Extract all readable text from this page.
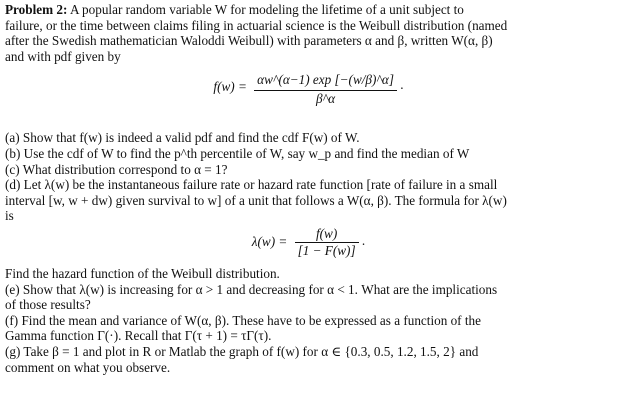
Problem 2: A popular random variable W for modeling the lifetime of a unit subject to

failure, or the time between claims filing in actuarial science is the Weibull distribution (named

after the Swedish mathematician Waloddi Weibull) with parameters α and β, written W(α, β)

and with pdf given by

$f(w) = \frac{\alpha w\^{}(\alpha-1) \exp [-(w/\beta)\^{}\alpha]}{\beta\^{}\alpha}$ .

(a) Show that f(w) is indeed a valid pdf and find the cdf F(w) of W.

(b) Use the cdf of W to find the p^th percentile of W, say w_p and find the median of W

(c) What distribution correspond to α = 1?

(d) Let λ(w) be the instantaneous failure rate or hazard rate function [rate of failure in a small

interval [w, w + dw) given survival to w] of a unit that follows a W(α, β). The formula for λ(w)

is

$\lambda(w) = \frac{f(w)}{[1 - F(w)]}$ .

Find the hazard function of the Weibull distribution.

(e) Show that λ(w) is increasing for α > 1 and decreasing for α < 1. What are the implications

of those results?

(f) Find the mean and variance of W(α, β). These have to be expressed as a function of the

Gamma function Γ(·). Recall that Γ(τ + 1) = τΓ(τ).

(g) Take β = 1 and plot in R or Matlab the graph of f(w) for α ∈ {0.3, 0.5, 1.2, 1.5, 2} and

comment on what you observe.
